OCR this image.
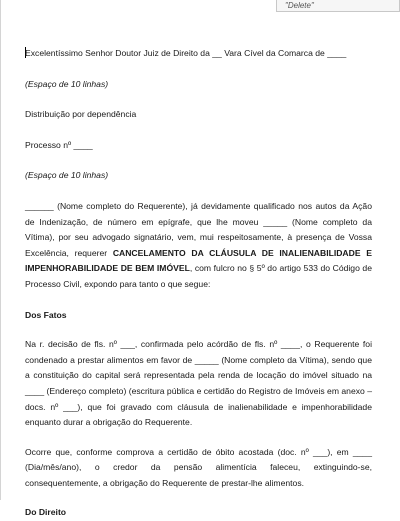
"Delete"

Excelentíssimo Senhor Doutor Juiz de Direito da __ Vara Cível da Comarca de ____

(Espaço de 10 linhas)

Distribuição por dependência

Processo nº ____

(Espaço de 10 linhas)

______ (Nome completo do Requerente), já devidamente qualificado nos autos da Ação de Indenização, de número em epígrafe, que lhe moveu _____ (Nome completo da Vítima), por seu advogado signatário, vem, mui respeitosamente, à presença de Vossa Excelência, requerer CANCELAMENTO DA CLÁUSULA DE INALIENABILIDADE E IMPENHORABILIDADE DE BEM IMÓVEL, com fulcro no § 5º do artigo 533 do Código de Processo Civil, expondo para tanto o que segue:

Dos Fatos

Na r. decisão de fls. nº ___, confirmada pelo acórdão de fls. nº ____, o Requerente foi condenado a prestar alimentos em favor de _____ (Nome completo da Vítima), sendo que a constituição do capital será representada pela renda de locação do imóvel situado na ____ (Endereço completo) (escritura pública e certidão do Registro de Imóveis em anexo – docs. nº ___), que foi gravado com cláusula de inalienabilidade e impenhorabilidade enquanto durar a obrigação do Requerente.

Ocorre que, conforme comprova a certidão de óbito acostada (doc. nº ___), em ____ (Dia/mês/ano), o credor da pensão alimentícia faleceu, extinguindo-se, consequentemente, a obrigação do Requerente de prestar-lhe alimentos.

Do Direito
